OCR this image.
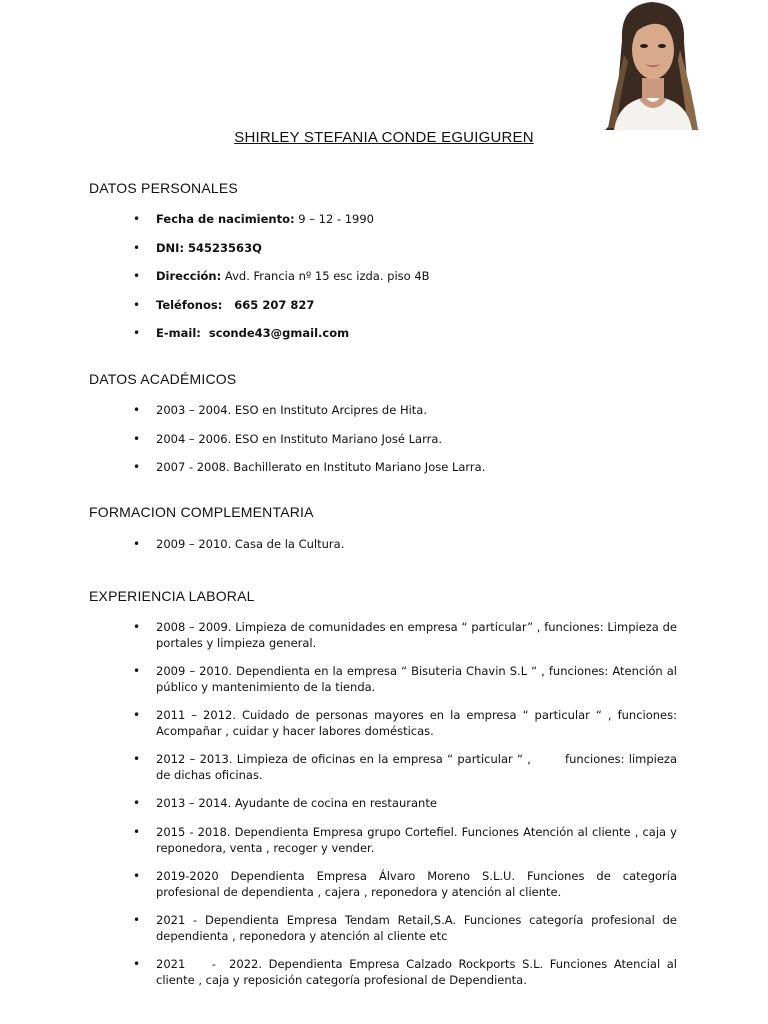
SHIRLEY STEFANIA CONDE EGUIGUREN
DATOS PERSONALES
• Fecha de nacimiento: 9 – 12 - 1990
• DNI: 54523563Q
• Dirección: Avd. Francia nº 15 esc izda. piso 4B
• Teléfonos:   665 207 827
• E-mail:  sconde43@gmail.com
DATOS ACADÉMICOS
• 2003 – 2004. ESO en Instituto Arcipres de Hita.
• 2004 – 2006. ESO en Instituto Mariano José Larra.
• 2007 - 2008. Bachillerato en Instituto Mariano Jose Larra.
FORMACION COMPLEMENTARIA
• 2009 – 2010. Casa de la Cultura.
EXPERIENCIA LABORAL
• 2008 – 2009. Limpieza de comunidades en empresa “ particular” , funciones: Limpieza de portales y limpieza general.
• 2009 – 2010. Dependienta en la empresa “ Bisuteria Chavin S.L “ , funciones: Atención al público y mantenimiento de la tienda.
• 2011 – 2012. Cuidado de personas mayores en la empresa “ particular “ , funciones: Acompañar , cuidar y hacer labores domésticas.
• 2012 – 2013. Limpieza de oficinas en la empresa “ particular “ ,        funciones: limpieza de dichas oficinas.
• 2013 – 2014. Ayudante de cocina en restaurante
• 2015 - 2018. Dependienta Empresa grupo Cortefiel. Funciones Atención al cliente , caja y reponedora, venta , recoger y vender.
• 2019-2020 Dependienta Empresa Álvaro Moreno S.L.U. Funciones de categoría profesional de dependienta , cajera , reponedora y atención al cliente.
• 2021 - Dependienta Empresa Tendam Retail,S.A. Funciones categoría profesional de dependienta , reponedora y atención al cliente etc
• 2021    -  2022. Dependienta Empresa Calzado Rockports S.L. Funciones Atencial al cliente , caja y reposición categoría profesional de Dependienta.
